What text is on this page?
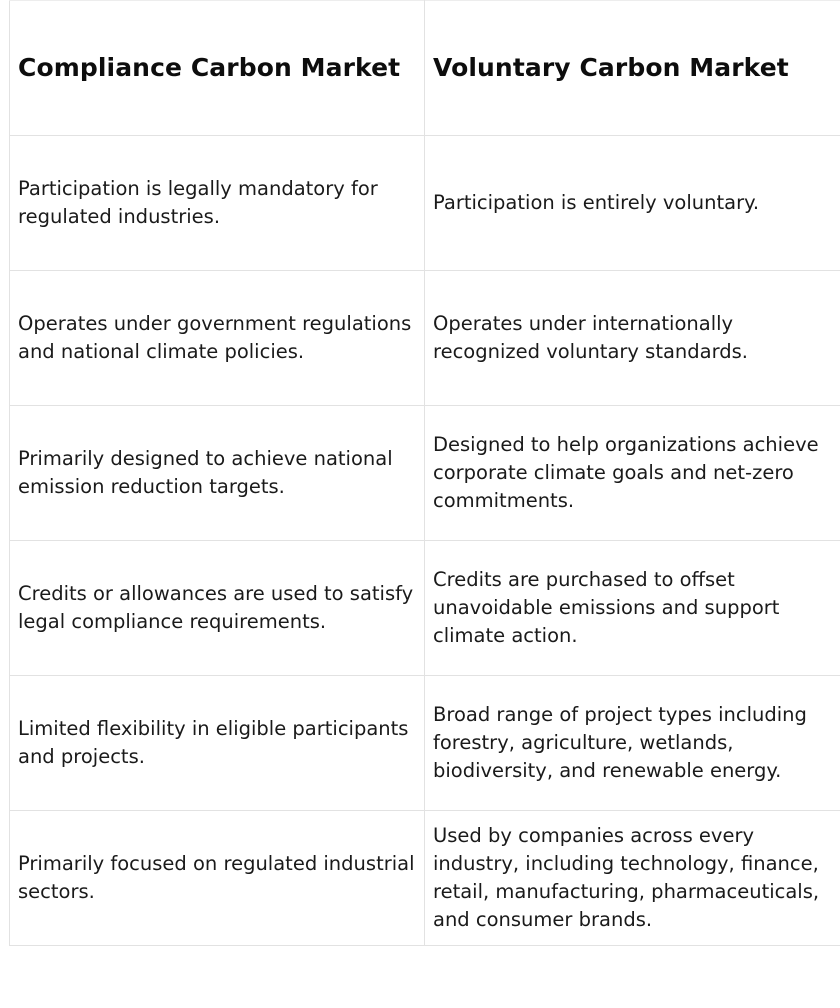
Compliance Carbon Market	Voluntary Carbon Market
Participation is legally mandatory for regulated industries.	Participation is entirely voluntary.
Operates under government regulations and national climate policies.	Operates under internationally recognized voluntary standards.
Primarily designed to achieve national emission reduction targets.	Designed to help organizations achieve corporate climate goals and net-zero commitments.
Credits or allowances are used to satisfy legal compliance requirements.	Credits are purchased to offset unavoidable emissions and support climate action.
Limited flexibility in eligible participants and projects.	Broad range of project types including forestry, agriculture, wetlands, biodiversity, and renewable energy.
Primarily focused on regulated industrial sectors.	Used by companies across every industry, including technology, finance, retail, manufacturing, pharmaceuticals, and consumer brands.
